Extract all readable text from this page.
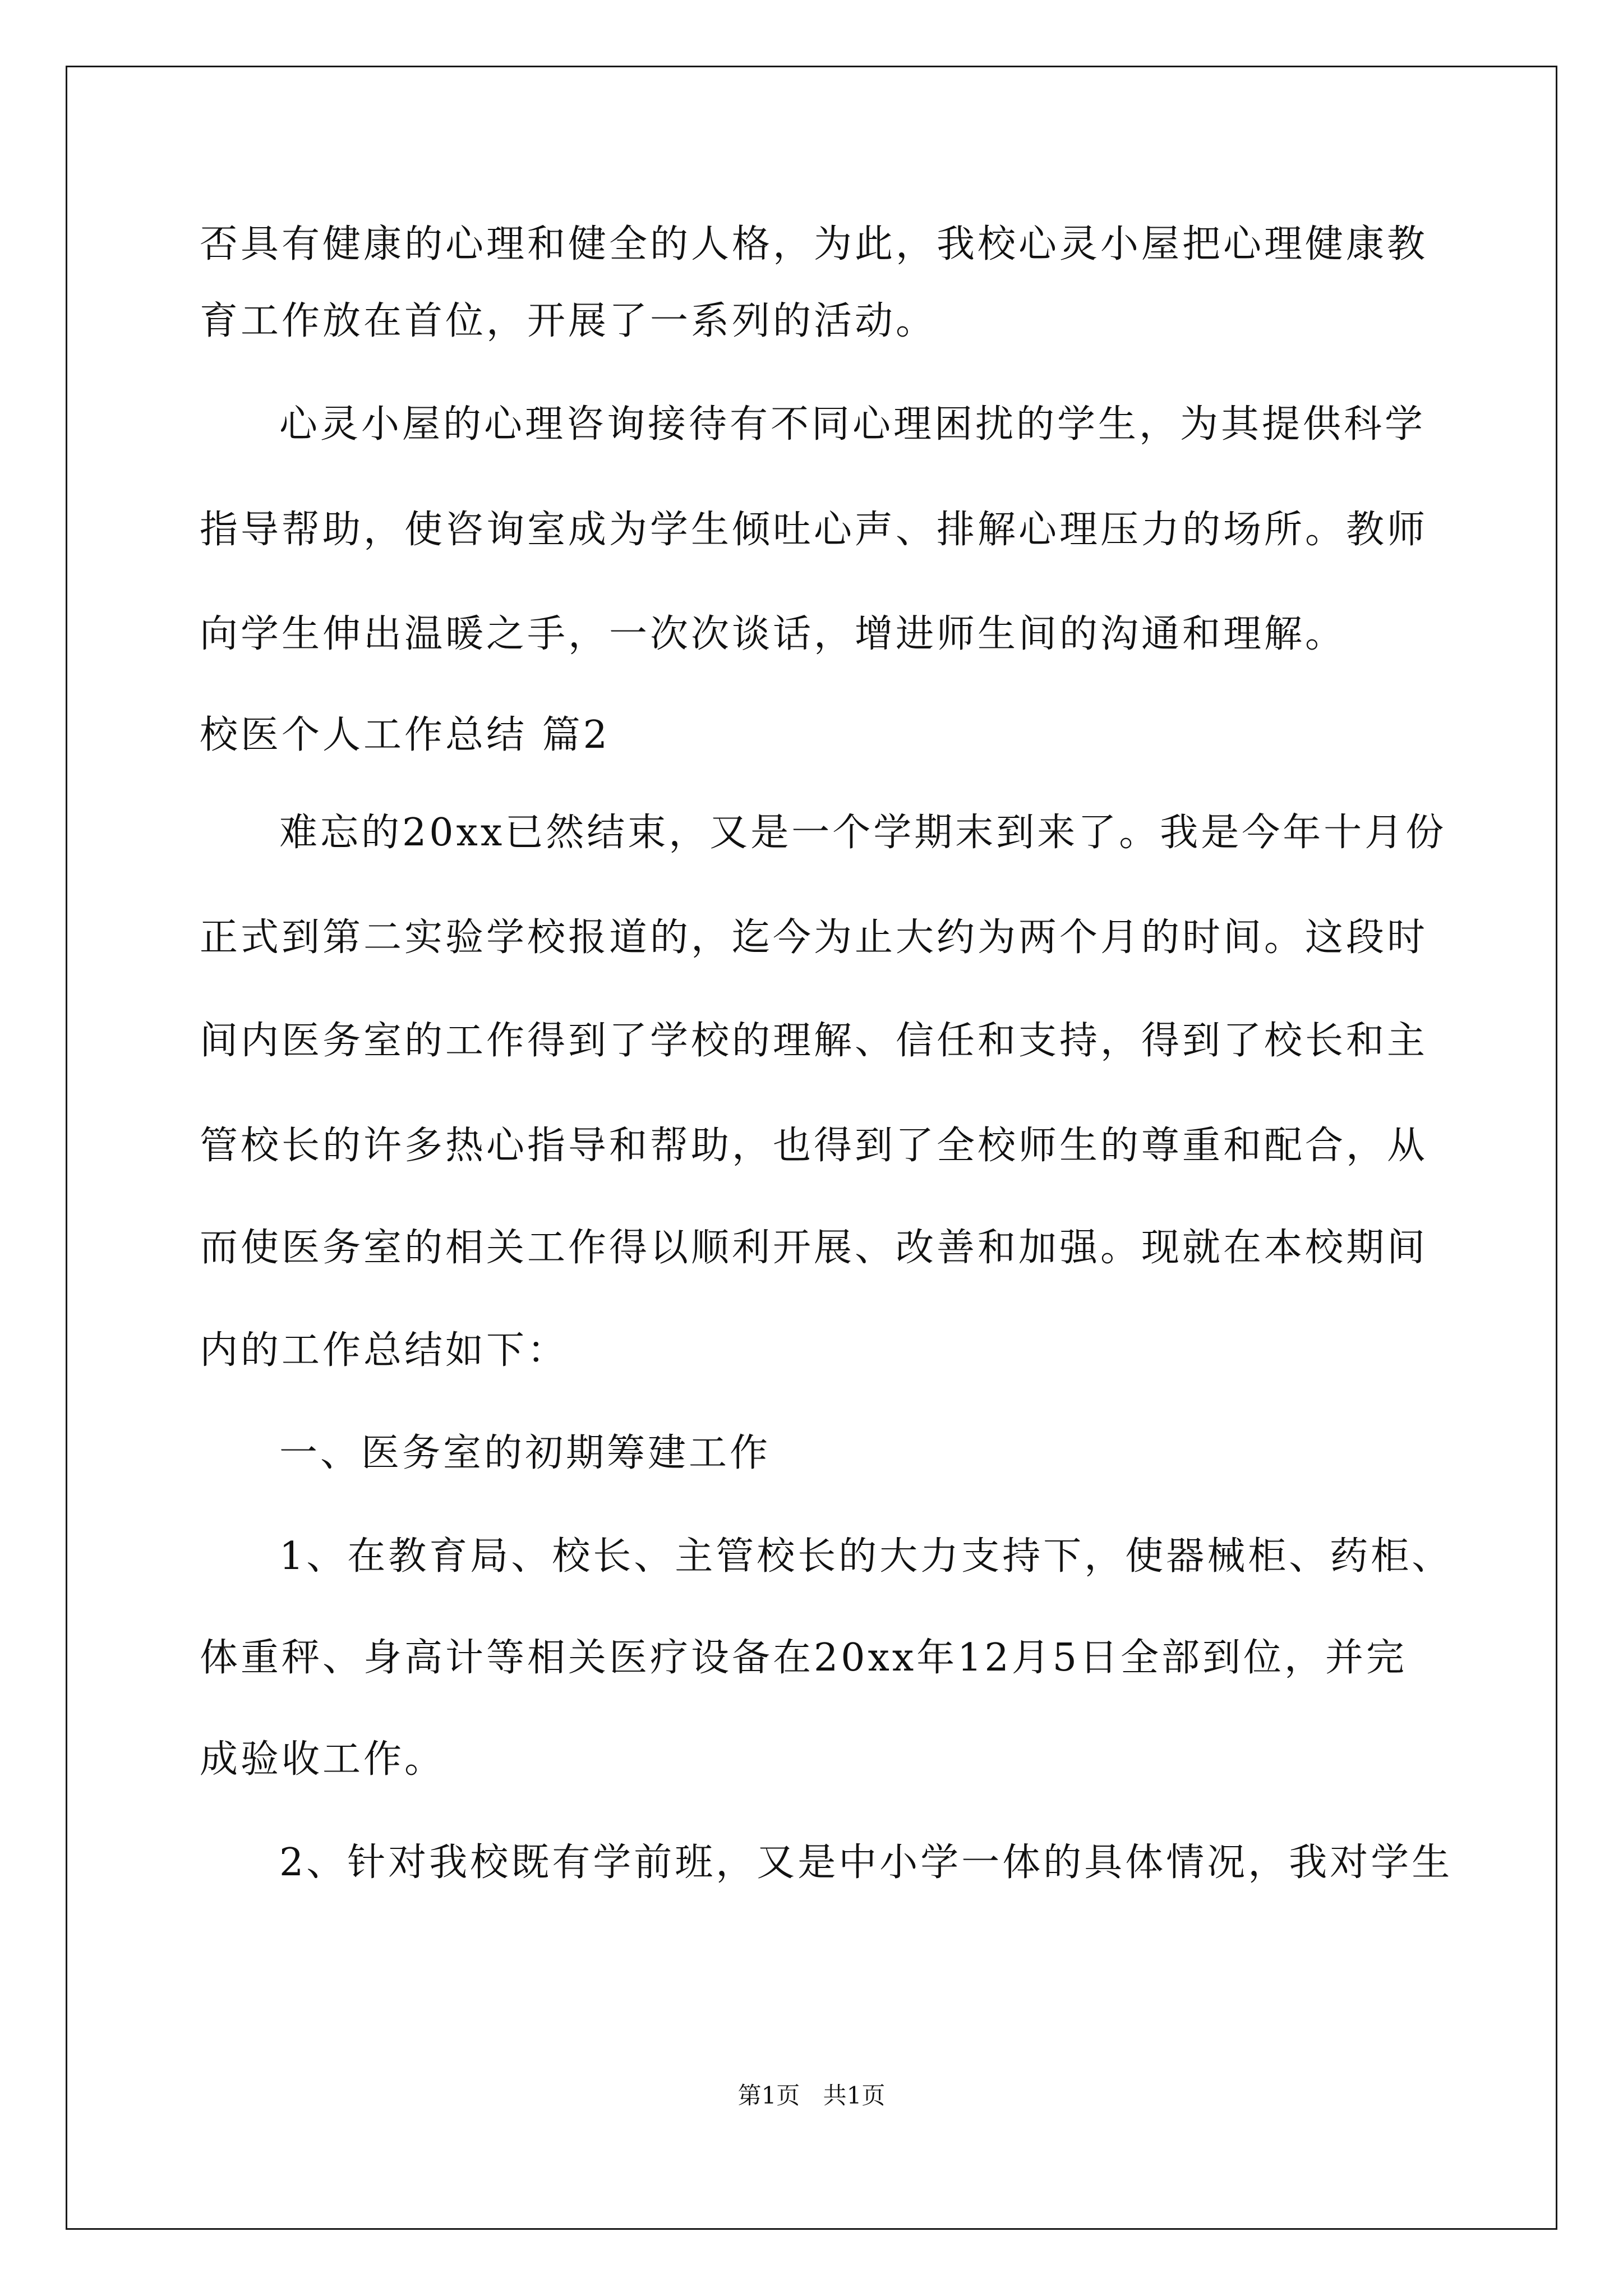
否具有健康的心理和健全的人格，为此，我校心灵小屋把心理健康教
育工作放在首位，开展了一系列的活动。
心灵小屋的心理咨询接待有不同心理困扰的学生，为其提供科学
指导帮助，使咨询室成为学生倾吐心声、排解心理压力的场所。教师
向学生伸出温暖之手，一次次谈话，增进师生间的沟通和理解。
校医个人工作总结 篇2
难忘的20xx已然结束，又是一个学期末到来了。我是今年十月份
正式到第二实验学校报道的，迄今为止大约为两个月的时间。这段时
间内医务室的工作得到了学校的理解、信任和支持，得到了校长和主
管校长的许多热心指导和帮助，也得到了全校师生的尊重和配合，从
而使医务室的相关工作得以顺利开展、改善和加强。现就在本校期间
内的工作总结如下：
一、医务室的初期筹建工作
1、在教育局、校长、主管校长的大力支持下，使器械柜、药柜、
体重秤、身高计等相关医疗设备在20xx年12月5日全部到位，并完
成验收工作。
2、针对我校既有学前班，又是中小学一体的具体情况，我对学生
第1页 共1页
